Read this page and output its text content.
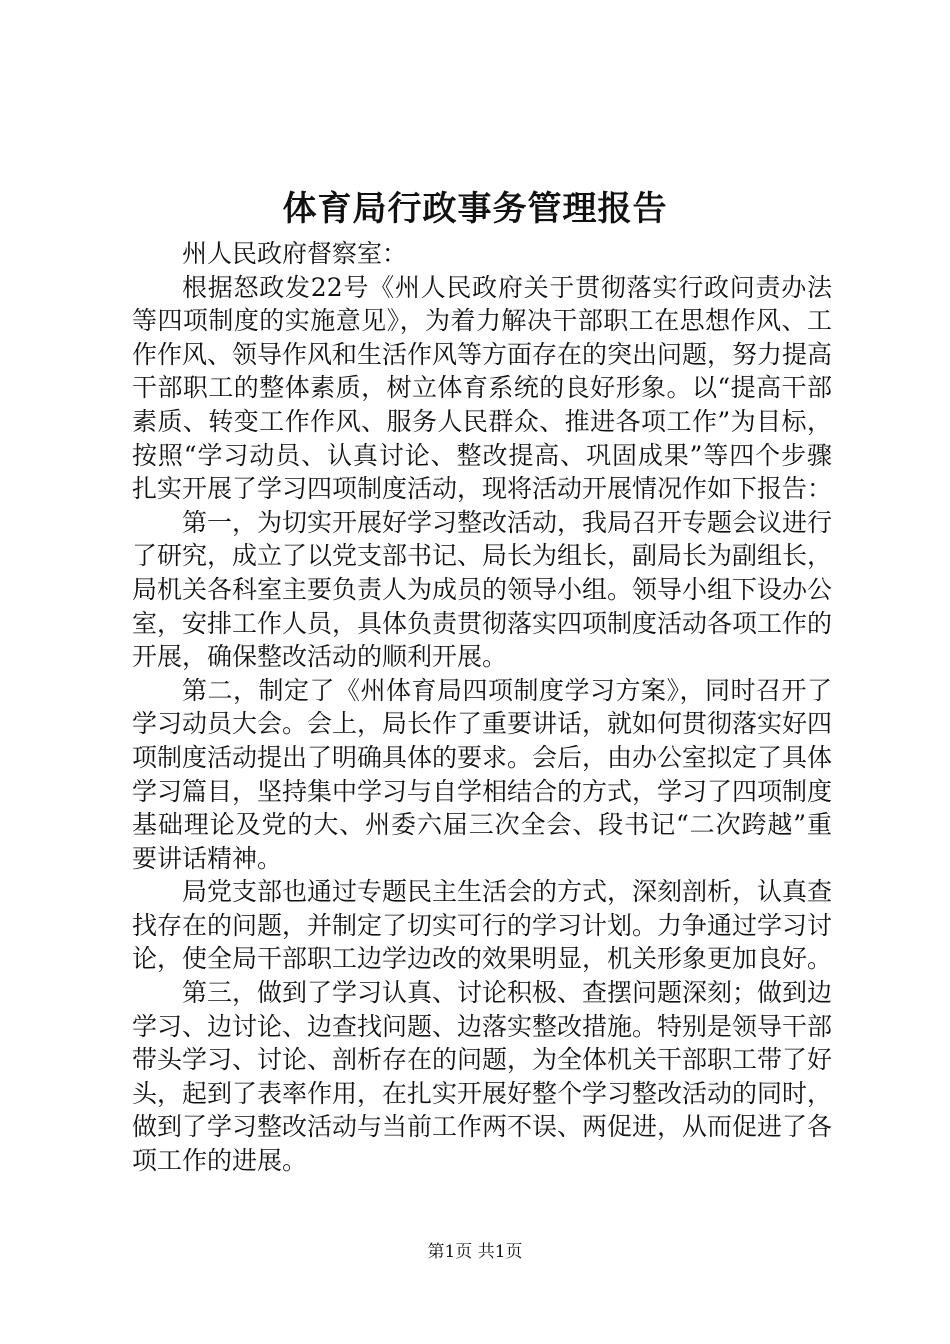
体育局行政事务管理报告

州人民政府督察室：

根据怒政发22号《州人民政府关于贯彻落实行政问责办法等四项制度的实施意见》，为着力解决干部职工在思想作风、工作作风、领导作风和生活作风等方面存在的突出问题，努力提高干部职工的整体素质，树立体育系统的良好形象。以“提高干部素质、转变工作作风、服务人民群众、推进各项工作”为目标，按照“学习动员、认真讨论、整改提高、巩固成果”等四个步骤扎实开展了学习四项制度活动，现将活动开展情况作如下报告：

第一，为切实开展好学习整改活动，我局召开专题会议进行了研究，成立了以党支部书记、局长为组长，副局长为副组长，局机关各科室主要负责人为成员的领导小组。领导小组下设办公室，安排工作人员，具体负责贯彻落实四项制度活动各项工作的开展，确保整改活动的顺利开展。

第二，制定了《州体育局四项制度学习方案》，同时召开了学习动员大会。会上，局长作了重要讲话，就如何贯彻落实好四项制度活动提出了明确具体的要求。会后，由办公室拟定了具体学习篇目，坚持集中学习与自学相结合的方式，学习了四项制度基础理论及党的大、州委六届三次全会、段书记“二次跨越”重要讲话精神。

局党支部也通过专题民主生活会的方式，深刻剖析，认真查找存在的问题，并制定了切实可行的学习计划。力争通过学习讨论，使全局干部职工边学边改的效果明显，机关形象更加良好。

第三，做到了学习认真、讨论积极、查摆问题深刻；做到边学习、边讨论、边查找问题、边落实整改措施。特别是领导干部带头学习、讨论、剖析存在的问题，为全体机关干部职工带了好头，起到了表率作用，在扎实开展好整个学习整改活动的同时，做到了学习整改活动与当前工作两不误、两促进，从而促进了各项工作的进展。

第1页 共1页
